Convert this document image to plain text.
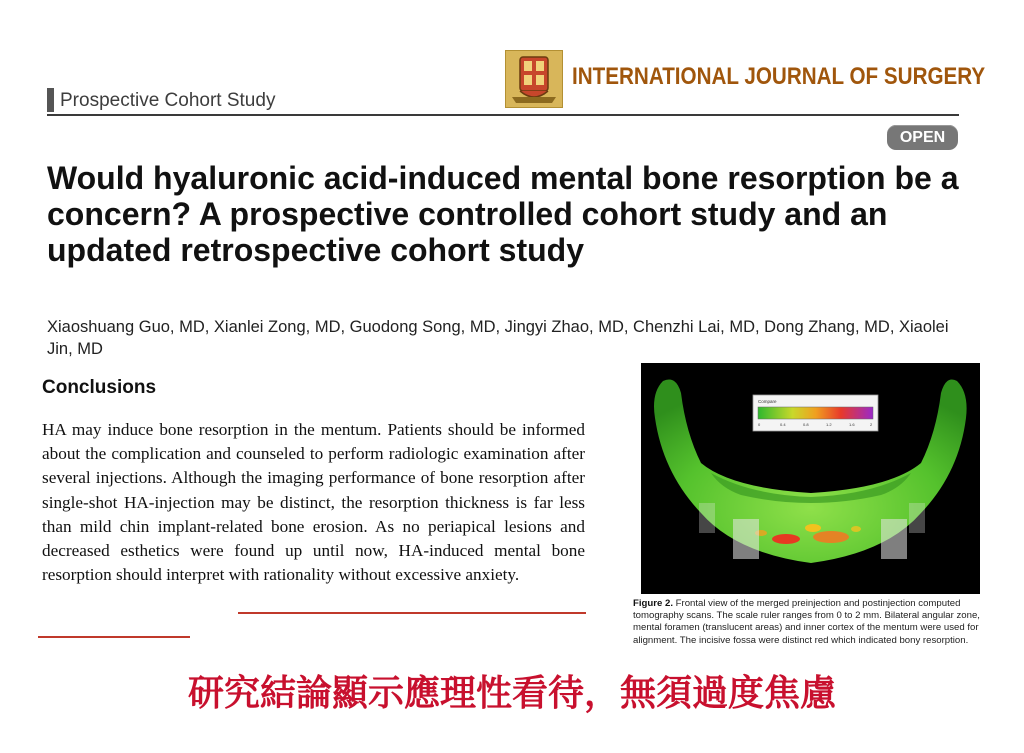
Prospective Cohort Study
INTERNATIONAL JOURNAL OF SURGERY
OPEN
Would hyaluronic acid-induced mental bone resorption be a concern? A prospective controlled cohort study and an updated retrospective cohort study
Xiaoshuang Guo, MD, Xianlei Zong, MD, Guodong Song, MD, Jingyi Zhao, MD, Chenzhi Lai, MD, Dong Zhang, MD, Xiaolei Jin, MD
Conclusions
HA may induce bone resorption in the mentum. Patients should be informed about the complication and counseled to perform radiologic examination after several injections. Although the imaging performance of bone resorption after single-shot HA-injection may be distinct, the resorption thickness is far less than mild chin implant-related bone erosion. As no periapical lesions and decreased esthetics were found up until now, HA-induced mental bone resorption should interpret with rationality without excessive anxiety.
Compare
0	0.4	0.8	1.2	1.6	2
Figure 2. Frontal view of the merged preinjection and postinjection computed tomography scans. The scale ruler ranges from 0 to 2 mm. Bilateral angular zone, mental foramen (translucent areas) and inner cortex of the mentum were used for alignment. The incisive fossa were distinct red which indicated bony resorption.
研究結論顯示應理性看待，無須過度焦慮
